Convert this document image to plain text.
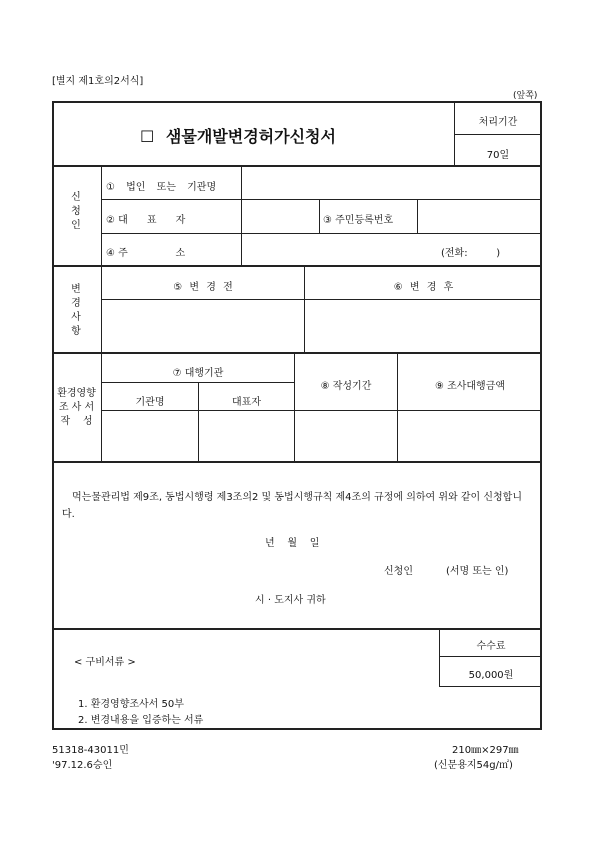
[별지 제1호의2서식]
(앞쪽)
☐ 샘물개발변경허가신청서
처리기간
70일
신
청
인
① 법인 또는 기관명
② 대      표      자	③ 주민등록번호
④ 주               소	(전화:         )
변
경
사
항
⑤ 변 경 전	⑥ 변 경 후
환경영향
조 사 서
작    성
⑦ 대행기관
기관명	대표자
⑧ 작성기간	⑨ 조사대행금액
먹는물관리법 제9조, 동법시행령 제3조의2 및 동법시행규칙 제4조의 규정에 의하여 위와 같이 신청합니다.
년    월    일
신청인	(서명 또는 인)
시 · 도지사 귀하
수수료
50,000원
< 구비서류 >
1. 환경영향조사서 50부
2. 변경내용을 입증하는 서류
51318-43011민
'97.12.6승인
210㎜×297㎜
(신문용지54g/㎡)
